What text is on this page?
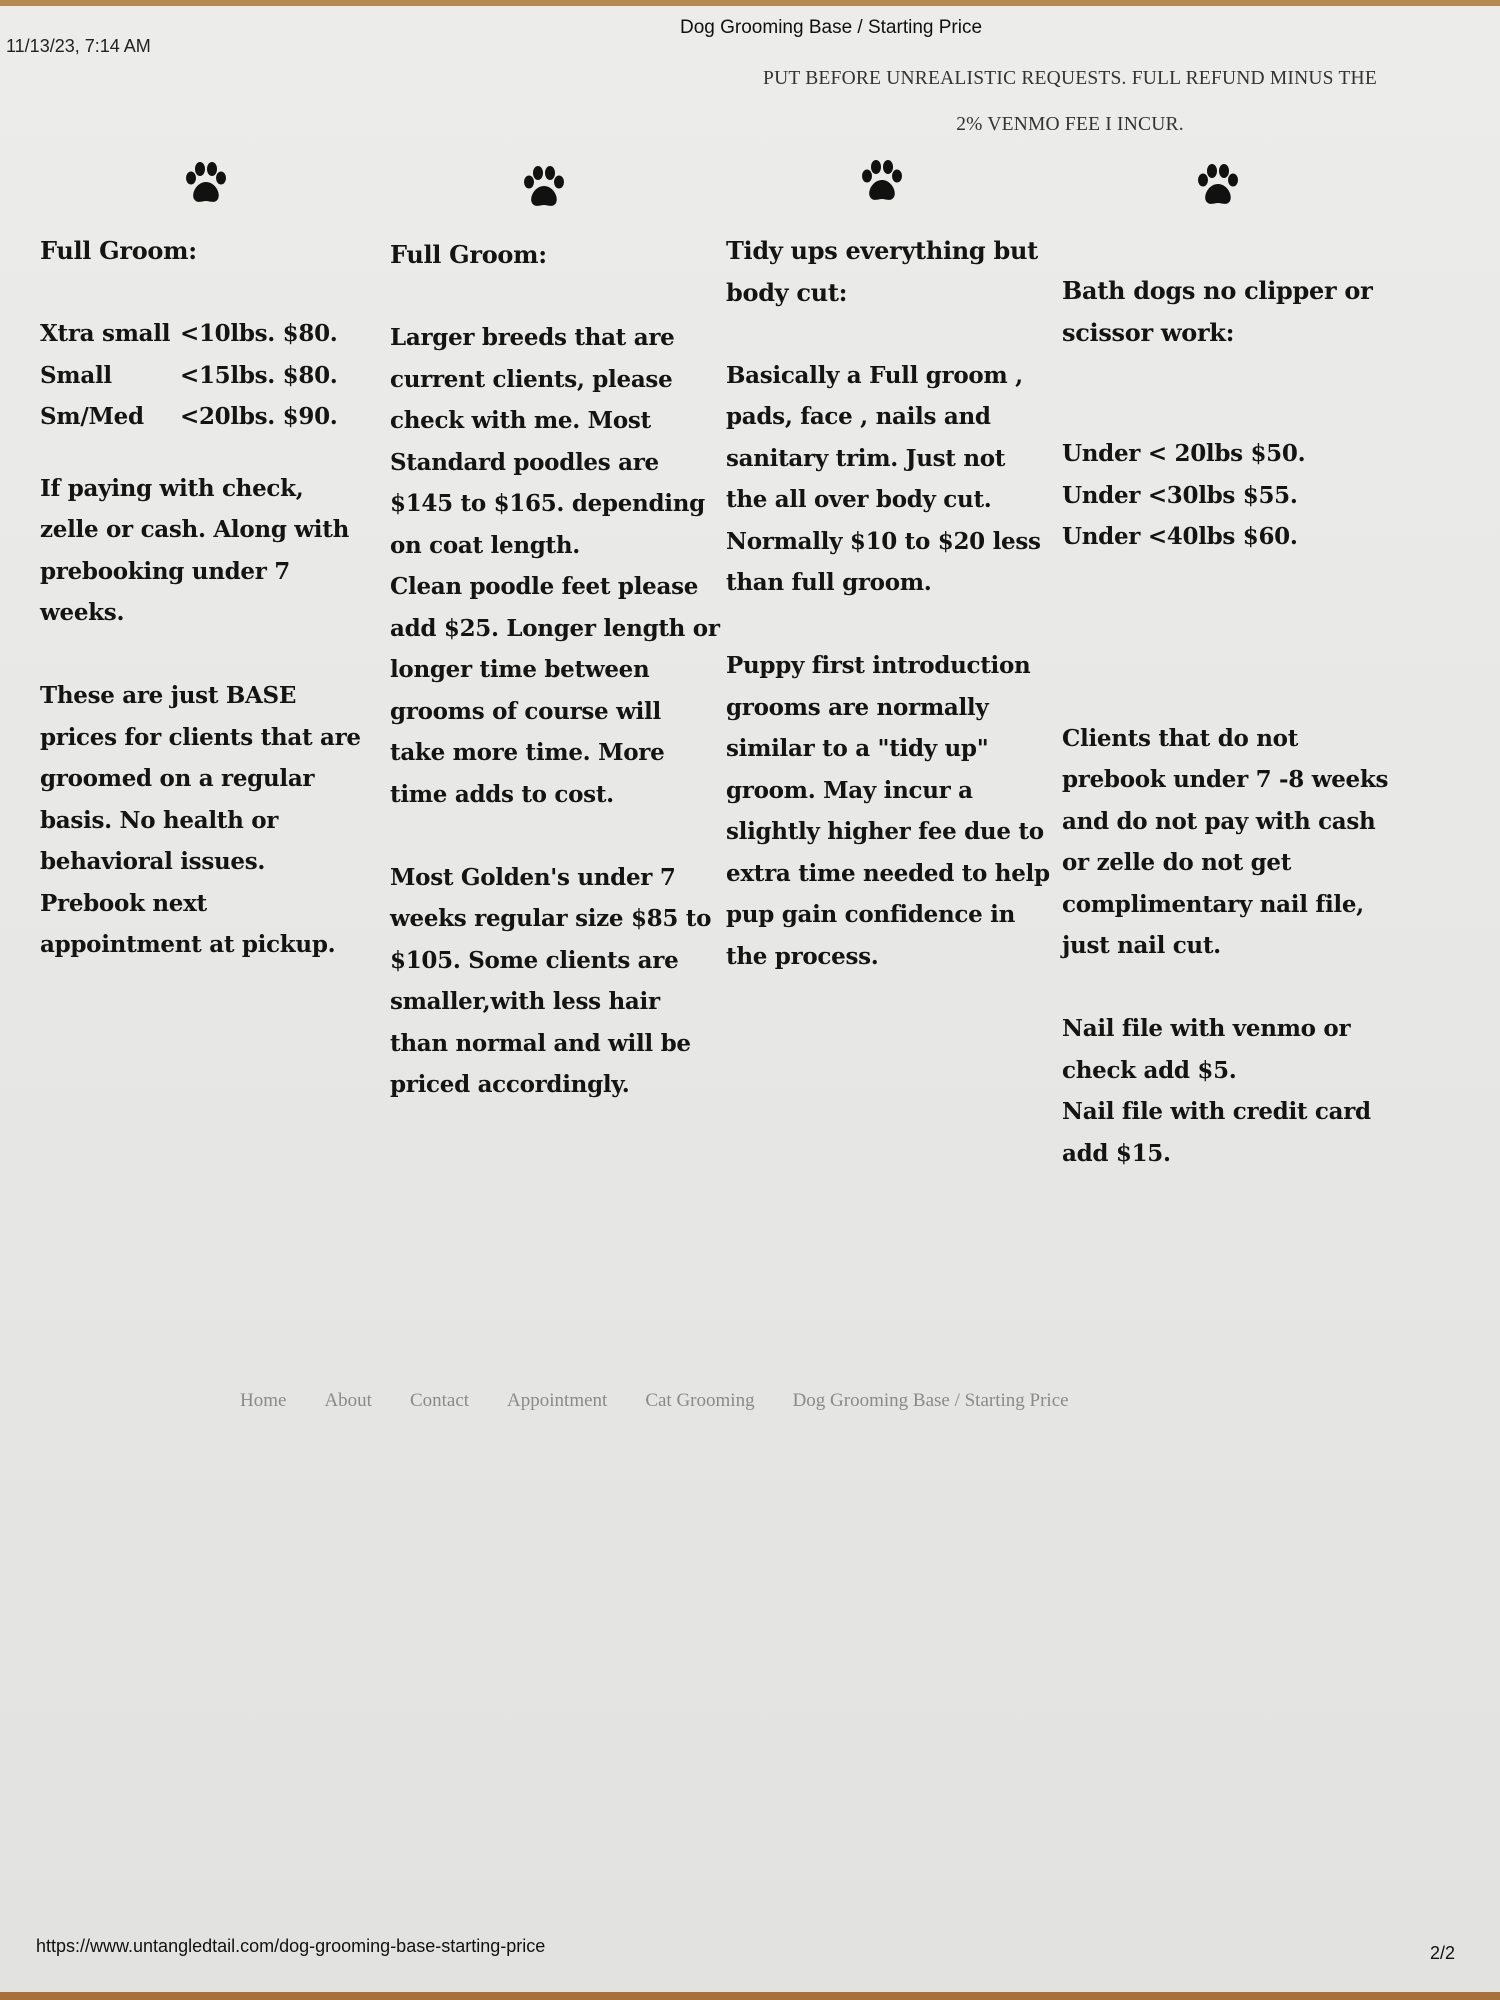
11/13/23, 7:14 AM
Dog Grooming Base / Starting Price
PUT BEFORE UNREALISTIC REQUESTS. FULL REFUND MINUS THE
2% VENMO FEE I INCUR.

Full Groom:

Xtra small <10lbs. $80.
Small	<15lbs. $80.
Sm/Med	<20lbs. $90.

If paying with check,

zelle or cash. Along with

prebooking under 7

weeks.

These are just BASE

prices for clients that are

groomed on a regular

basis. No health or

behavioral issues.

Prebook next

appointment at pickup.

Full Groom:

Larger breeds that are

current clients, please

check with me. Most

Standard poodles are

$145 to $165. depending

on coat length.

Clean poodle feet please

add $25. Longer length or

longer time between

grooms of course will

take more time. More

time adds to cost.

Most Golden's under 7

weeks regular size $85 to

$105. Some clients are

smaller,with less hair

than normal and will be

priced accordingly.

Tidy ups everything but

body cut:

Basically a Full groom ,

pads, face , nails and

sanitary trim. Just not

the all over body cut.

Normally $10 to $20 less

than full groom.

Puppy first introduction

grooms are normally

similar to a "tidy up"

groom. May incur a

slightly higher fee due to

extra time needed to help

pup gain confidence in

the process.

Bath dogs no clipper or

scissor work:

Under < 20lbs $50.

Under <30lbs $55.

Under <40lbs $60.

Clients that do not

prebook under 7 -8 weeks

and do not pay with cash

or zelle do not get

complimentary nail file,

just nail cut.

Nail file with venmo or

check add $5.

Nail file with credit card

add $15.

Home About Contact Appointment Cat Grooming Dog Grooming Base / Starting Price
https://www.untangledtail.com/dog-grooming-base-starting-price	2/2
